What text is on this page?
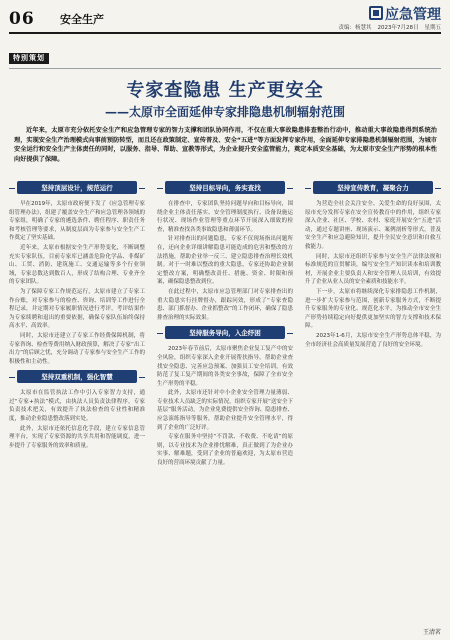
06 安全生产	应急管理
责编：杨慧其 2023年7月28日 星期五
特别策划
专家查隐患 生产更安全
——太原市全面延伸专家排隐患机制辐射范围
近年来，太原市充分依托安全生产和应急管理专家的智力支撑和团队协同作用，不仅在重大事故隐患排查整治行动中，推动重大事故隐患得到系统治理，实现安全生产治理模式向事前预防转型，而且还在政策制定、宣传普及、安全“五进”等方面发挥专家作用，全面延伸专家排隐患机制辐射范围，为城市安全运行和安全生产主体责任的同时，以服务、指导、帮助、宣教等形式，为企业提升安全监管能力，奠定本质安全基础，为太原市安全生产形势的根本性向好提供了保障。
坚持顶层设计，规范运行

早在2019年，太原市政府便下发了《应急管理专家组管理办法》，组建了覆盖安全生产和应急管理各领域的专家组，明确了专家的遴选条件、聘任程序、职责任务和考核管理等要求，从制度层面为专家参与安全生产工作奠定了坚实基础。

近年来，太原市根据安全生产形势变化，不断调整充实专家队伍，目前专家库已涵盖危险化学品、非煤矿山、工贸、消防、建筑施工、交通运输等多个行业领域，专家总数达到数百人，形成了结构合理、专业齐全的专家团队。

为了保障专家工作规范运行，太原市建立了专家工作台账，对专家参与的检查、咨询、培训等工作进行全程记录，并定期对专家履职情况进行考评，考评结果作为专家续聘和退出的重要依据，确保专家队伍始终保持高水平、高效率。

同时，太原市还建立了专家工作经费保障机制，将专家咨询、检查等费用纳入财政预算，解决了专家“出工出力”的后顾之忧，充分调动了专家参与安全生产工作的积极性和主动性。

坚持双重机制，强化智慧

太原市在监管执法工作中引入专家智力支持，通过“专家+执法”模式，由执法人员负责法律程序，专家负责技术把关，有效提升了执法检查的专业性和精准度，推动企业隐患整改落到实处。

此外，太原市还依托信息化手段，建立专家信息管理平台，实现了专家资源的共享共用和智能调度，进一步提升了专家服务的效率和质量。

坚持目标导向，务实查找

在排查中，专家团队坚持问题导向和目标导向，围绕企业主体责任落实、安全管理制度执行、设备设施运行状况、现场作业管理等重点环节开展深入细致的检查，精准查找各类事故隐患和薄弱环节。

针对排查出的问题隐患，专家不仅现场指出问题所在，还向企业详细讲解隐患可能造成的危害和整改的方法措施，帮助企业举一反三、建立隐患排查治理长效机制。对于一时难以整改的重大隐患，专家还协助企业制定整改方案，明确整改责任、措施、资金、时限和预案，确保隐患整改到位。

在此过程中，太原市应急管理部门对专家排查出的重大隐患实行挂牌督办，跟踪问效，形成了“专家查隐患、部门抓督办、企业抓整改”的工作闭环，确保了隐患排查治理的实际效果。

坚持服务导向，入企纾困

2023年春节前后，太原市聚焦企业复工复产中的安全风险，组织专家深入企业开展帮扶指导，帮助企业查找安全隐患、完善应急预案、加强员工安全培训，有效防范了复工复产期间的各类安全事故，保障了全市安全生产形势的平稳。

此外，太原市还针对中小企业安全管理力量薄弱、专业技术人员缺乏的实际情况，组织专家开展“送安全下基层”服务活动，为企业免费提供安全咨询、隐患排查、应急演练指导等服务，帮助企业提升安全管理水平，得到了企业的广泛好评。

专家在服务中坚持“不罚款、不收费、不吃请”的原则，以专业技术为企业排忧解难，真正做到了为企业办实事、解难题，受到了企业的普遍欢迎，为太原市营造良好的营商环境贡献了力量。

坚持宣传教育，凝聚合力

为营造全社会关注安全、关爱生命的良好氛围，太原市充分发挥专家在安全宣传教育中的作用，组织专家深入企业、社区、学校、农村、家庭开展安全“五进”活动，通过专题讲座、现场演示、案例剖析等形式，普及安全生产和应急避险知识，提升全民安全意识和自救互救能力。

同时，太原市还组织专家参与安全生产法律法规和标准规范的宣贯解读，编写安全生产知识读本和培训教材，开展企业主要负责人和安全管理人员培训，有效提升了企业从业人员的安全素质和技能水平。

下一步，太原市将继续深化专家排隐患工作机制，进一步扩大专家参与范围，创新专家服务方式，不断提升专家服务的专业化、规范化水平，为推动全市安全生产形势持续稳定向好提供更加坚实的智力支撑和技术保障。

2023年1-6月，太原市安全生产形势总体平稳，为全市经济社会高质量发展营造了良好的安全环境。

王清茗
